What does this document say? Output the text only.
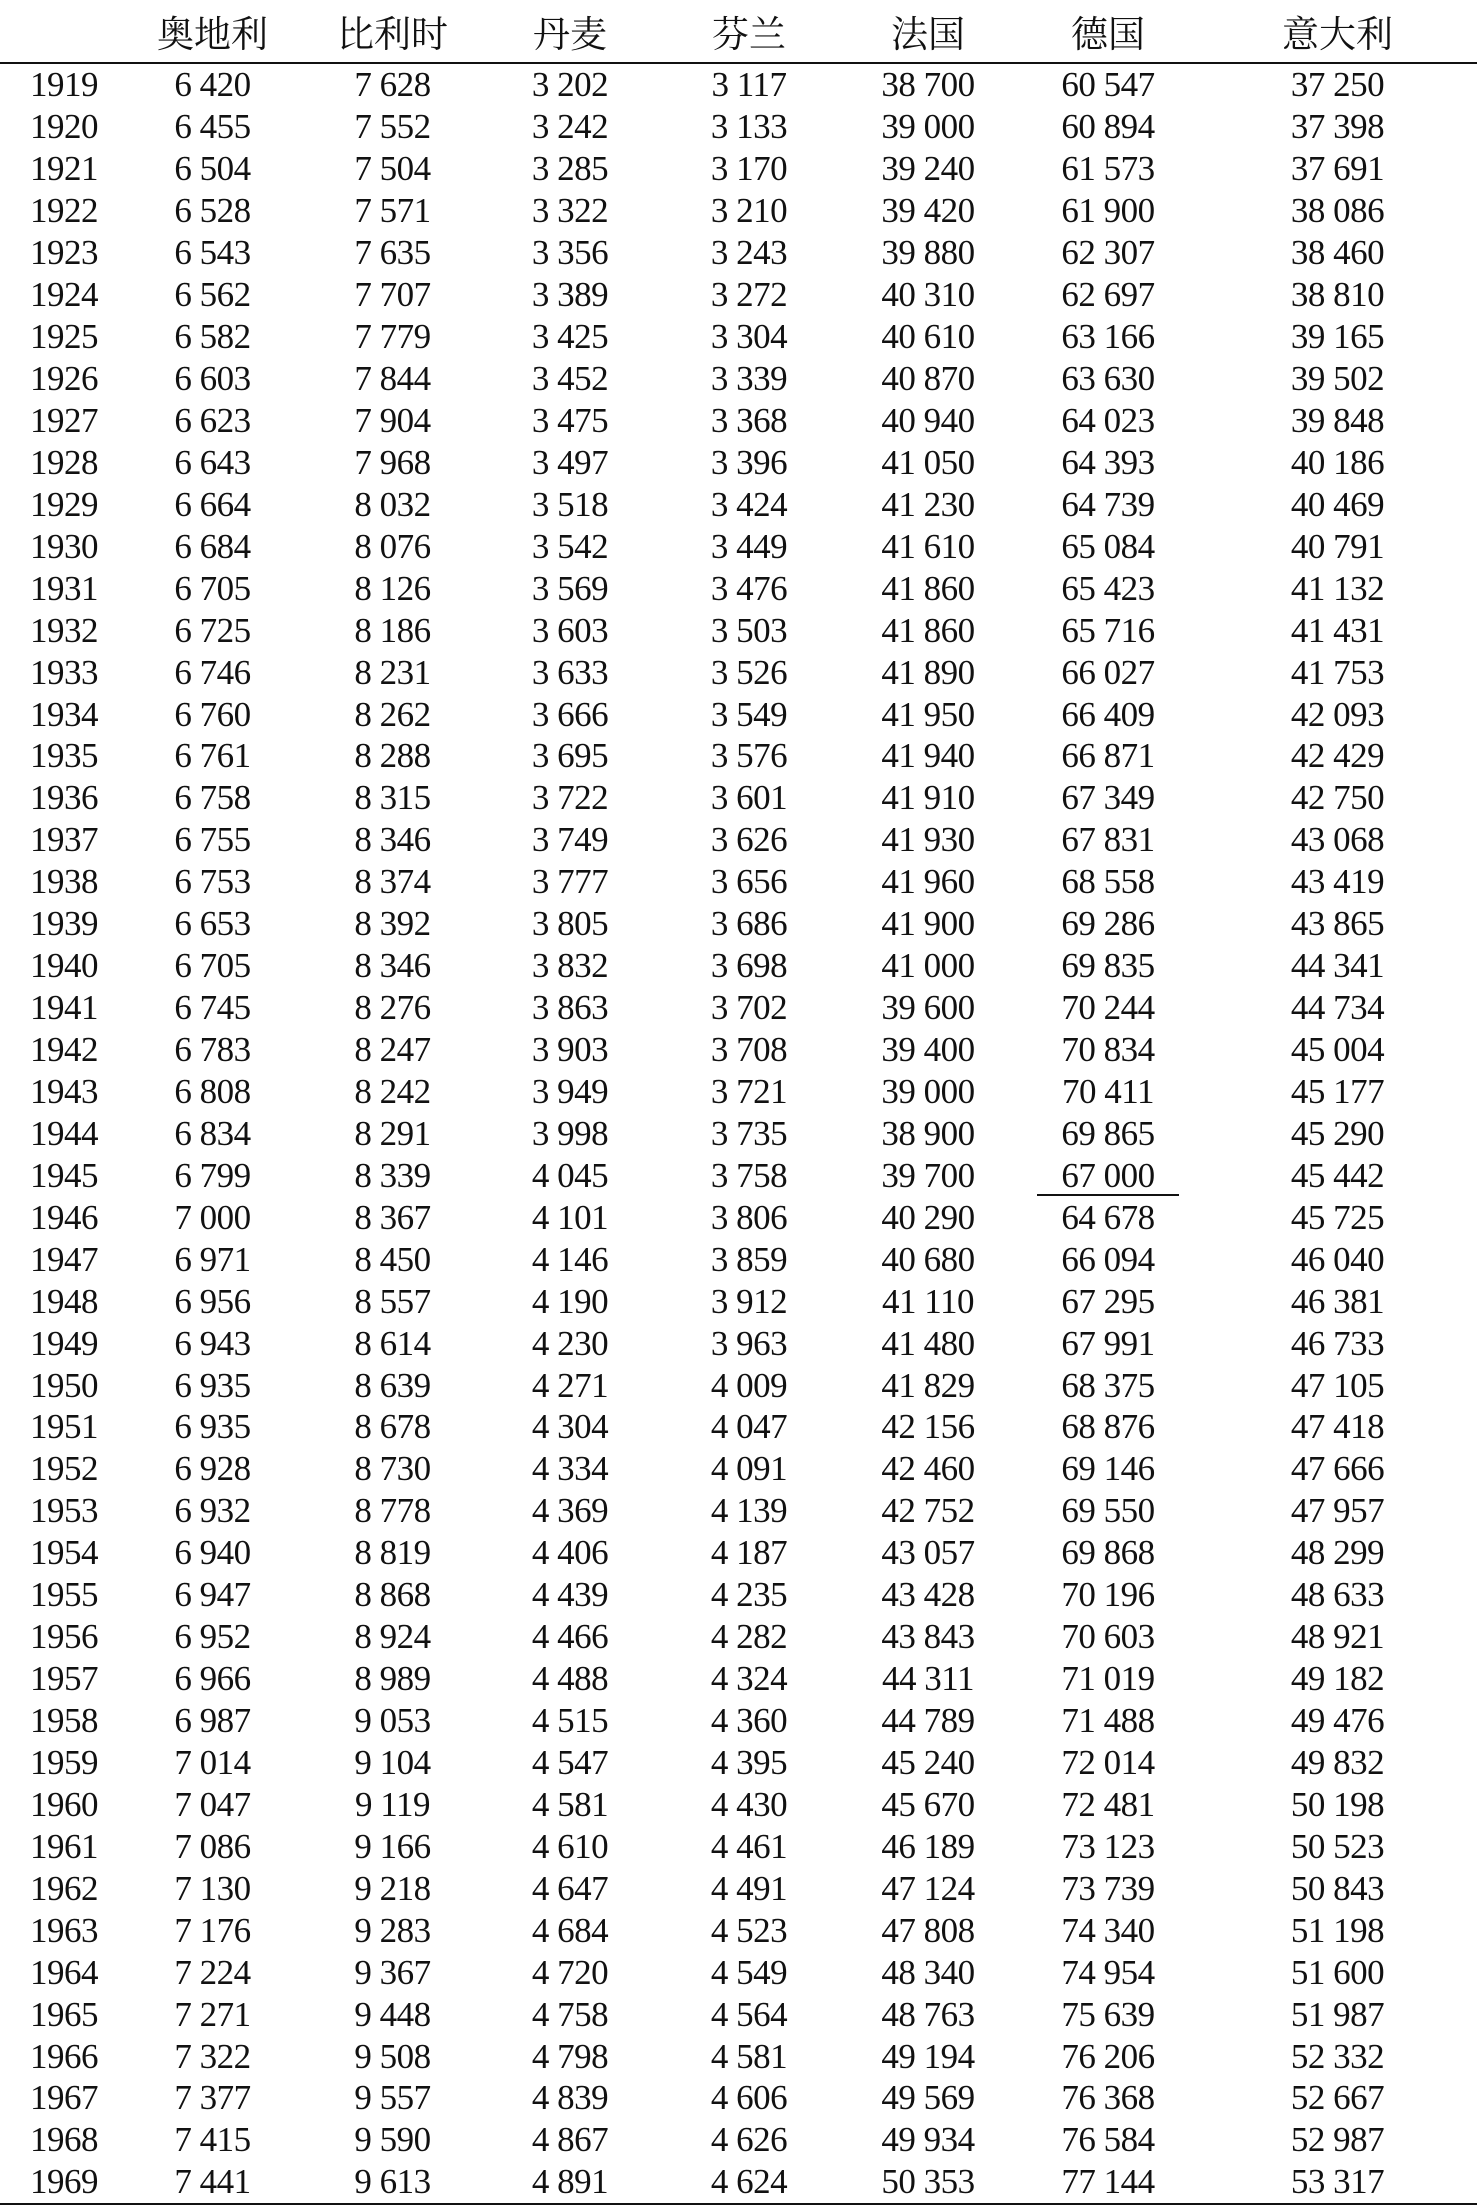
	奥地利	比利时	丹麦	芬兰	法国	德国	意大利
1919	6 420	7 628	3 202	3 117	38 700	60 547	37 250
1920	6 455	7 552	3 242	3 133	39 000	60 894	37 398
1921	6 504	7 504	3 285	3 170	39 240	61 573	37 691
1922	6 528	7 571	3 322	3 210	39 420	61 900	38 086
1923	6 543	7 635	3 356	3 243	39 880	62 307	38 460
1924	6 562	7 707	3 389	3 272	40 310	62 697	38 810
1925	6 582	7 779	3 425	3 304	40 610	63 166	39 165
1926	6 603	7 844	3 452	3 339	40 870	63 630	39 502
1927	6 623	7 904	3 475	3 368	40 940	64 023	39 848
1928	6 643	7 968	3 497	3 396	41 050	64 393	40 186
1929	6 664	8 032	3 518	3 424	41 230	64 739	40 469
1930	6 684	8 076	3 542	3 449	41 610	65 084	40 791
1931	6 705	8 126	3 569	3 476	41 860	65 423	41 132
1932	6 725	8 186	3 603	3 503	41 860	65 716	41 431
1933	6 746	8 231	3 633	3 526	41 890	66 027	41 753
1934	6 760	8 262	3 666	3 549	41 950	66 409	42 093
1935	6 761	8 288	3 695	3 576	41 940	66 871	42 429
1936	6 758	8 315	3 722	3 601	41 910	67 349	42 750
1937	6 755	8 346	3 749	3 626	41 930	67 831	43 068
1938	6 753	8 374	3 777	3 656	41 960	68 558	43 419
1939	6 653	8 392	3 805	3 686	41 900	69 286	43 865
1940	6 705	8 346	3 832	3 698	41 000	69 835	44 341
1941	6 745	8 276	3 863	3 702	39 600	70 244	44 734
1942	6 783	8 247	3 903	3 708	39 400	70 834	45 004
1943	6 808	8 242	3 949	3 721	39 000	70 411	45 177
1944	6 834	8 291	3 998	3 735	38 900	69 865	45 290
1945	6 799	8 339	4 045	3 758	39 700	67 000	45 442
1946	7 000	8 367	4 101	3 806	40 290	64 678	45 725
1947	6 971	8 450	4 146	3 859	40 680	66 094	46 040
1948	6 956	8 557	4 190	3 912	41 110	67 295	46 381
1949	6 943	8 614	4 230	3 963	41 480	67 991	46 733
1950	6 935	8 639	4 271	4 009	41 829	68 375	47 105
1951	6 935	8 678	4 304	4 047	42 156	68 876	47 418
1952	6 928	8 730	4 334	4 091	42 460	69 146	47 666
1953	6 932	8 778	4 369	4 139	42 752	69 550	47 957
1954	6 940	8 819	4 406	4 187	43 057	69 868	48 299
1955	6 947	8 868	4 439	4 235	43 428	70 196	48 633
1956	6 952	8 924	4 466	4 282	43 843	70 603	48 921
1957	6 966	8 989	4 488	4 324	44 311	71 019	49 182
1958	6 987	9 053	4 515	4 360	44 789	71 488	49 476
1959	7 014	9 104	4 547	4 395	45 240	72 014	49 832
1960	7 047	9 119	4 581	4 430	45 670	72 481	50 198
1961	7 086	9 166	4 610	4 461	46 189	73 123	50 523
1962	7 130	9 218	4 647	4 491	47 124	73 739	50 843
1963	7 176	9 283	4 684	4 523	47 808	74 340	51 198
1964	7 224	9 367	4 720	4 549	48 340	74 954	51 600
1965	7 271	9 448	4 758	4 564	48 763	75 639	51 987
1966	7 322	9 508	4 798	4 581	49 194	76 206	52 332
1967	7 377	9 557	4 839	4 606	49 569	76 368	52 667
1968	7 415	9 590	4 867	4 626	49 934	76 584	52 987
1969	7 441	9 613	4 891	4 624	50 353	77 144	53 317
